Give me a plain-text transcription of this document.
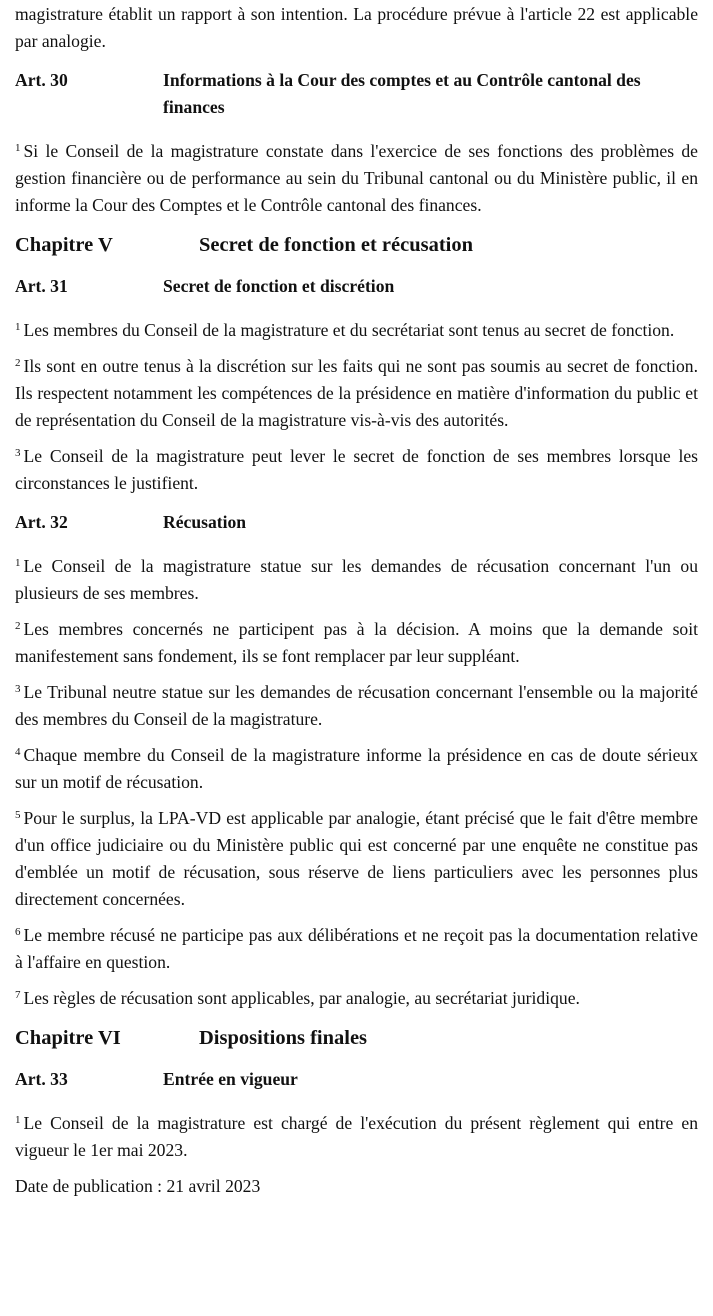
magistrature établit un rapport à son intention. La procédure prévue à l'article 22 est applicable par analogie.

Art. 30	Informations à la Cour des comptes et au Contrôle cantonal des finances

$^1$ Si le Conseil de la magistrature constate dans l'exercice de ses fonctions des problèmes de gestion financière ou de performance au sein du Tribunal cantonal ou du Ministère public, il en informe la Cour des Comptes et le Contrôle cantonal des finances.

Chapitre V	Secret de fonction et récusation
Art. 31	Secret de fonction et discrétion

$^1$ Les membres du Conseil de la magistrature et du secrétariat sont tenus au secret de fonction.

$^2$ Ils sont en outre tenus à la discrétion sur les faits qui ne sont pas soumis au secret de fonction. Ils respectent notamment les compétences de la présidence en matière d'information du public et de représentation du Conseil de la magistrature vis-à-vis des autorités.

$^3$ Le Conseil de la magistrature peut lever le secret de fonction de ses membres lorsque les circonstances le justifient.

Art. 32	Récusation

$^1$ Le Conseil de la magistrature statue sur les demandes de récusation concernant l'un ou plusieurs de ses membres.

$^2$ Les membres concernés ne participent pas à la décision. A moins que la demande soit manifestement sans fondement, ils se font remplacer par leur suppléant.

$^3$ Le Tribunal neutre statue sur les demandes de récusation concernant l'ensemble ou la majorité des membres du Conseil de la magistrature.

$^4$ Chaque membre du Conseil de la magistrature informe la présidence en cas de doute sérieux sur un motif de récusation.

$^5$ Pour le surplus, la LPA-VD est applicable par analogie, étant précisé que le fait d'être membre d'un office judiciaire ou du Ministère public qui est concerné par une enquête ne constitue pas d'emblée un motif de récusation, sous réserve de liens particuliers avec les personnes plus directement concernées.

$^6$ Le membre récusé ne participe pas aux délibérations et ne reçoit pas la documentation relative à l'affaire en question.

$^7$ Les règles de récusation sont applicables, par analogie, au secrétariat juridique.

Chapitre VI	Dispositions finales
Art. 33	Entrée en vigueur

$^1$ Le Conseil de la magistrature est chargé de l'exécution du présent règlement qui entre en vigueur le 1er mai 2023.

Date de publication : 21 avril 2023
